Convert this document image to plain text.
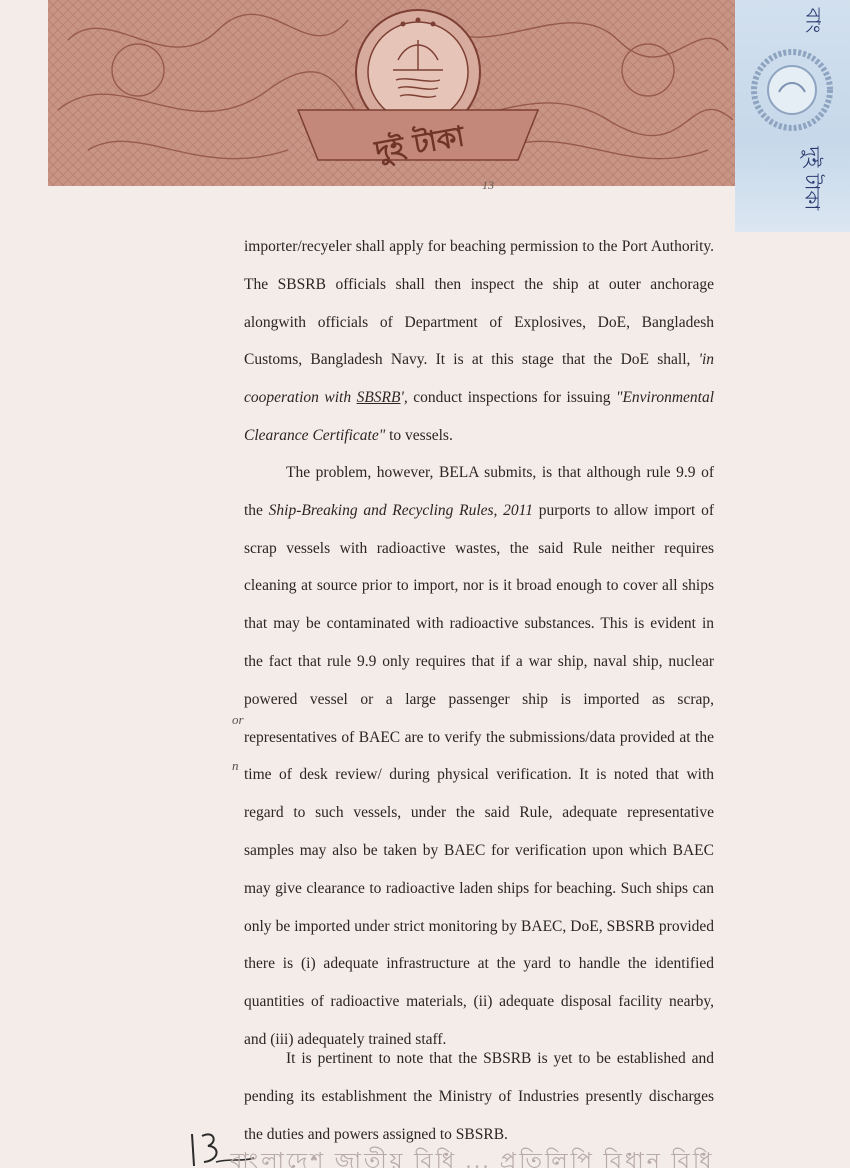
দুই টাকা
বাং
দুই টাকা
13
importer/recyeler shall apply for beaching permission to the Port Authority. The SBSRB officials shall then inspect the ship at outer anchorage alongwith officials of Department of Explosives, DoE, Bangladesh Customs, Bangladesh Navy. It is at this stage that the DoE shall, 'in cooperation with SBSRB', conduct inspections for issuing "Environmental Clearance Certificate" to vessels.
The problem, however, BELA submits, is that although rule 9.9 of the Ship-Breaking and Recycling Rules, 2011 purports to allow import of scrap vessels with radioactive wastes, the said Rule neither requires cleaning at source prior to import, nor is it broad enough to cover all ships that may be contaminated with radioactive substances. This is evident in the fact that rule 9.9 only requires that if a war ship, naval ship, nuclear powered vessel or a large passenger ship is imported as scrap, representatives of BAEC are to verify the submissions/data provided at the time of desk review/ during physical verification. It is noted that with regard to such vessels, under the said Rule, adequate representative samples may also be taken by BAEC for verification upon which BAEC may give clearance to radioactive laden ships for beaching. Such ships can only be imported under strict monitoring by BAEC, DoE, SBSRB provided there is (i) adequate infrastructure at the yard to handle the identified quantities of radioactive materials, (ii) adequate disposal facility nearby, and (iii) adequately trained staff.
It is pertinent to note that the SBSRB is yet to be established and pending its establishment the Ministry of Industries presently discharges the duties and powers assigned to SBSRB.
or
n
বাংলাদেশ জাতীয় বিধি ... প্রতিলিপি বিধান বিধি
